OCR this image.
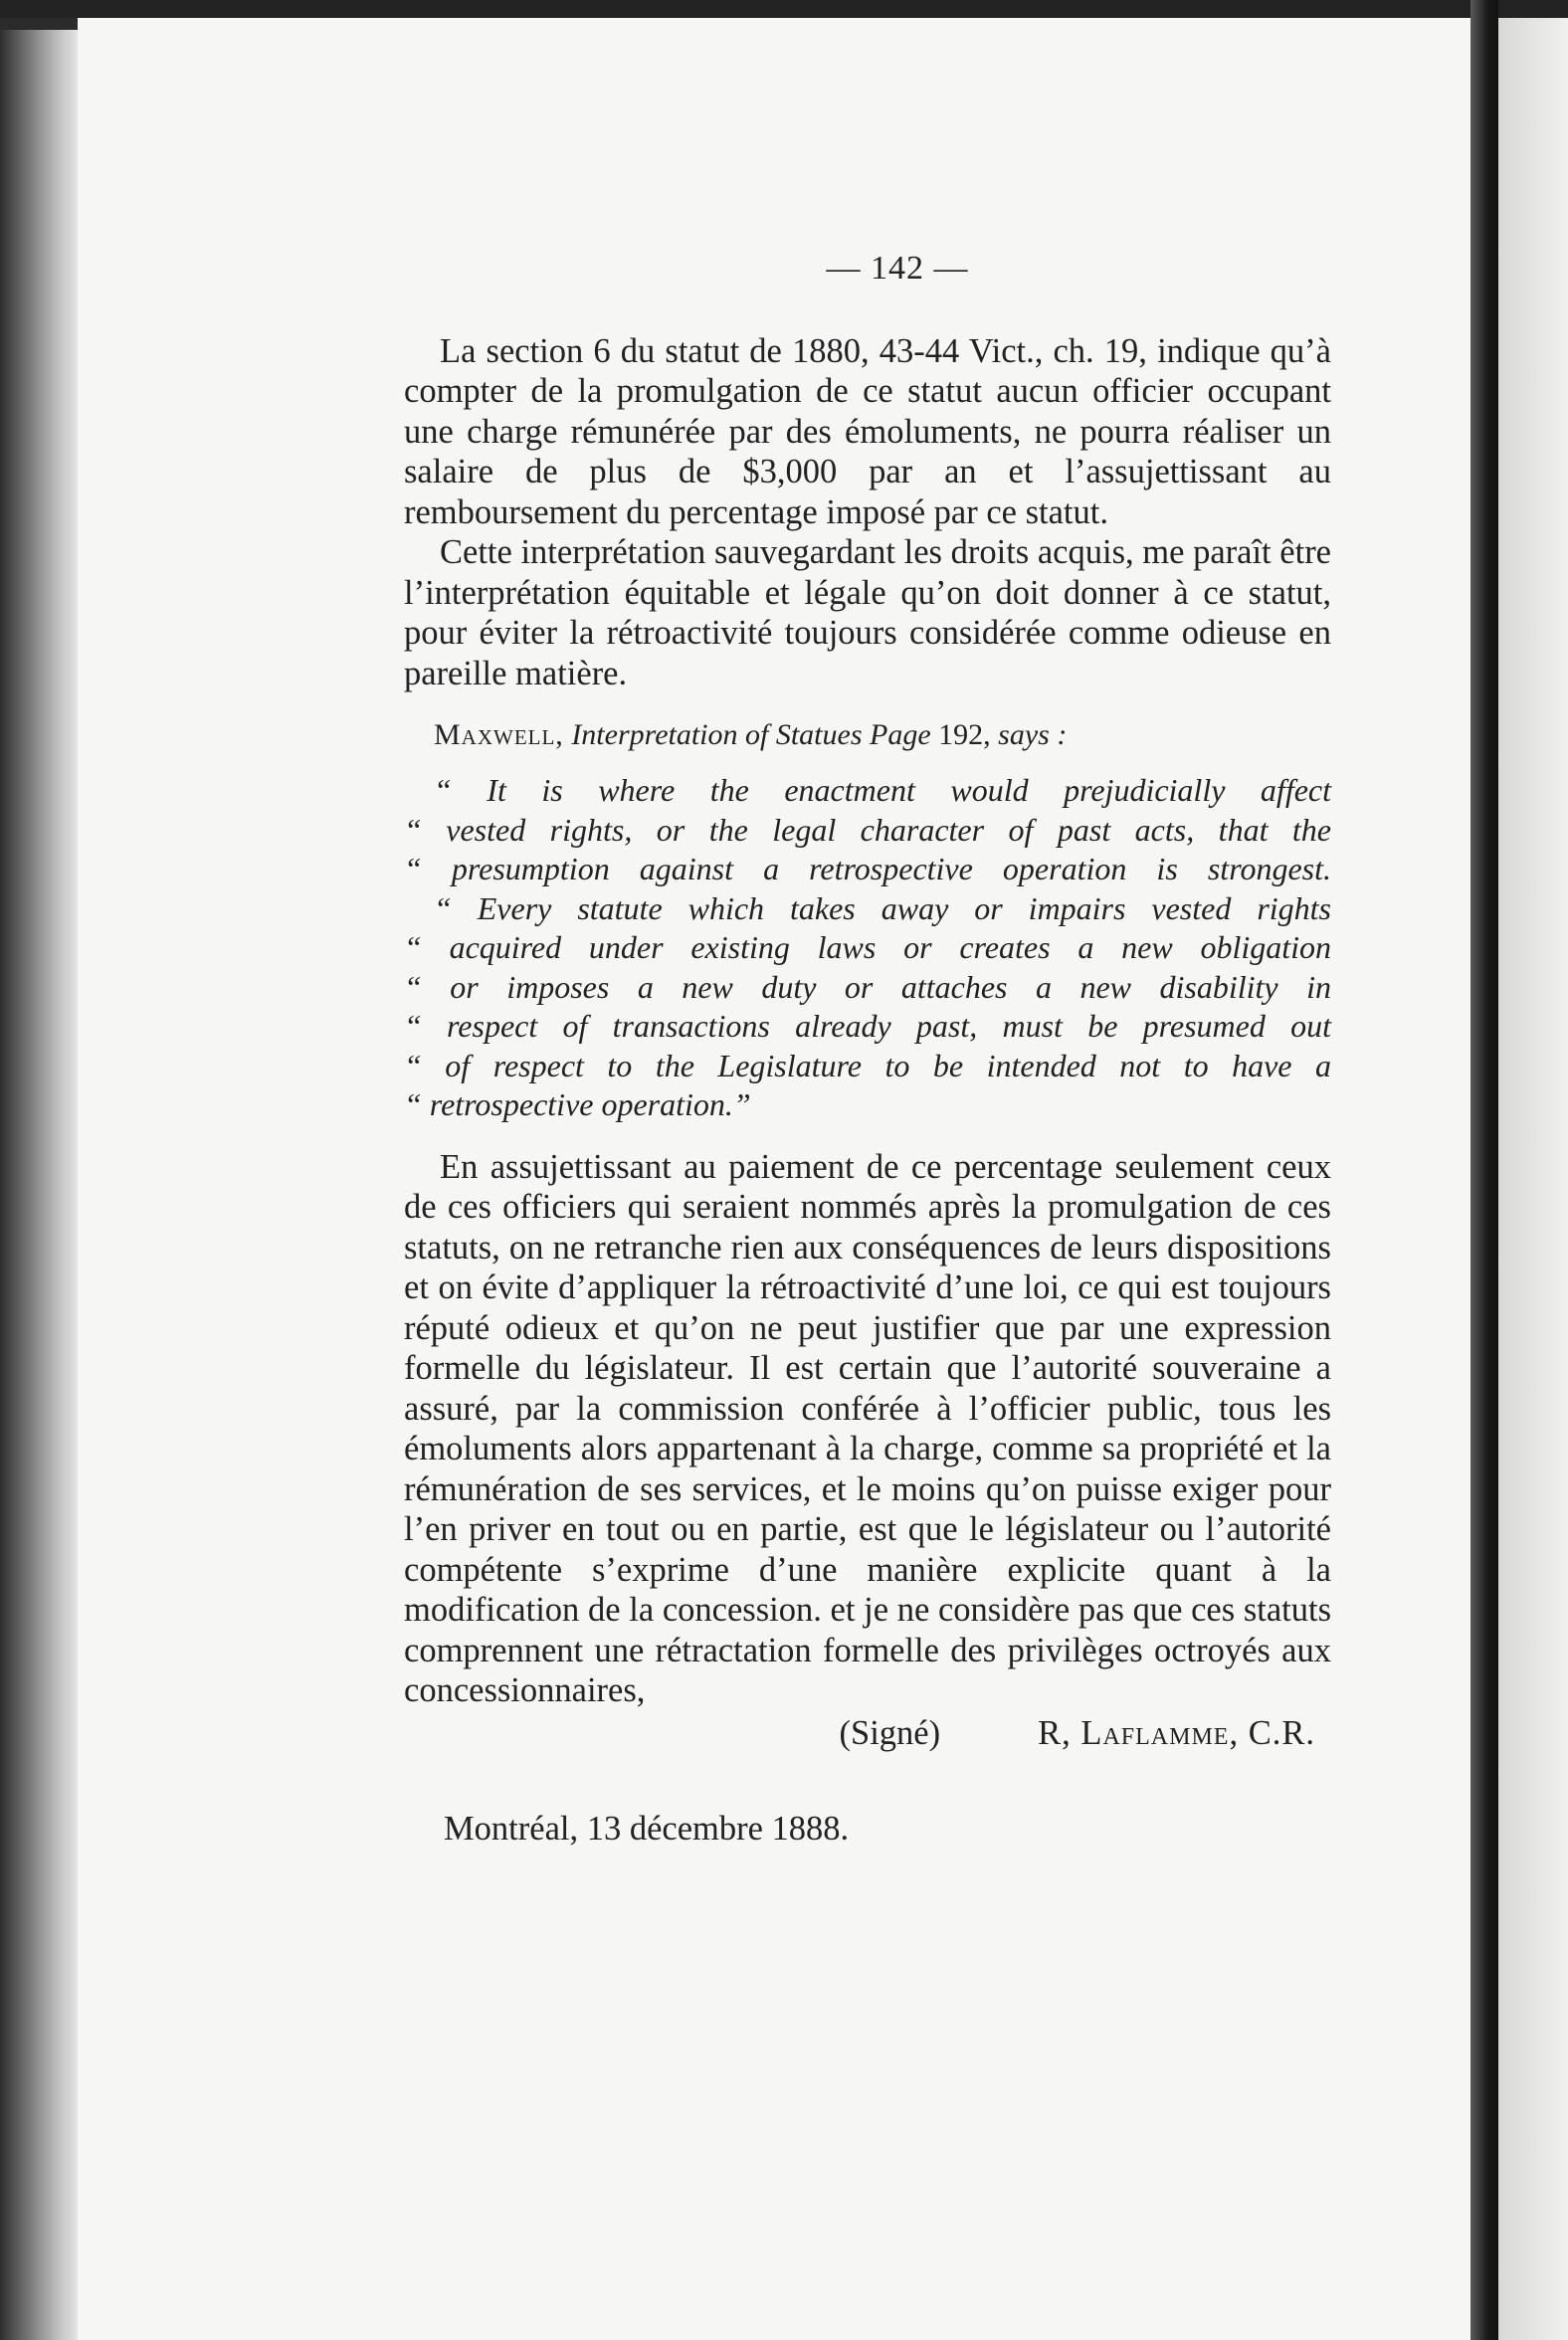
— 142 —

La section 6 du statut de 1880, 43-44 Vict., ch. 19, indique qu’à compter de la promulgation de ce statut aucun officier occupant une charge rémunérée par des émoluments, ne pourra réaliser un salaire de plus de $3,000 par an et l’assujettissant au remboursement du percentage imposé par ce statut.

Cette interprétation sauvegardant les droits acquis, me paraît être l’interprétation équitable et légale qu’on doit donner à ce statut, pour éviter la rétroactivité toujours considérée comme odieuse en pareille matière.

Maxwell, Interpretation of Statues Page 192, says :
“ It is where the enactment would prejudicially affect
“ vested rights, or the legal character of past acts, that the
“ presumption against a retrospective operation is strongest.
“ Every statute which takes away or impairs vested rights
“ acquired under existing laws or creates a new obligation
“ or imposes a new duty or attaches a new disability in
“ respect of transactions already past, must be presumed out
“ of respect to the Legislature to be intended not to have a
“ retrospective operation.”

En assujettissant au paiement de ce percentage seulement ceux de ces officiers qui seraient nommés après la promulgation de ces statuts, on ne retranche rien aux conséquences de leurs dispositions et on évite d’appliquer la rétroactivité d’une loi, ce qui est toujours réputé odieux et qu’on ne peut justifier que par une expression formelle du législateur. Il est certain que l’autorité souveraine a assuré, par la commission conférée à l’officier public, tous les émoluments alors appartenant à la charge, comme sa propriété et la rémunération de ses services, et le moins qu’on puisse exiger pour l’en priver en tout ou en partie, est que le législateur ou l’autorité compétente s’exprime d’une manière explicite quant à la modification de la concession. et je ne considère pas que ces statuts comprennent une rétractation formelle des privilèges octroyés aux concessionnaires,

(Signé)	R, Laflamme, C.R.

Montréal, 13 décembre 1888.
